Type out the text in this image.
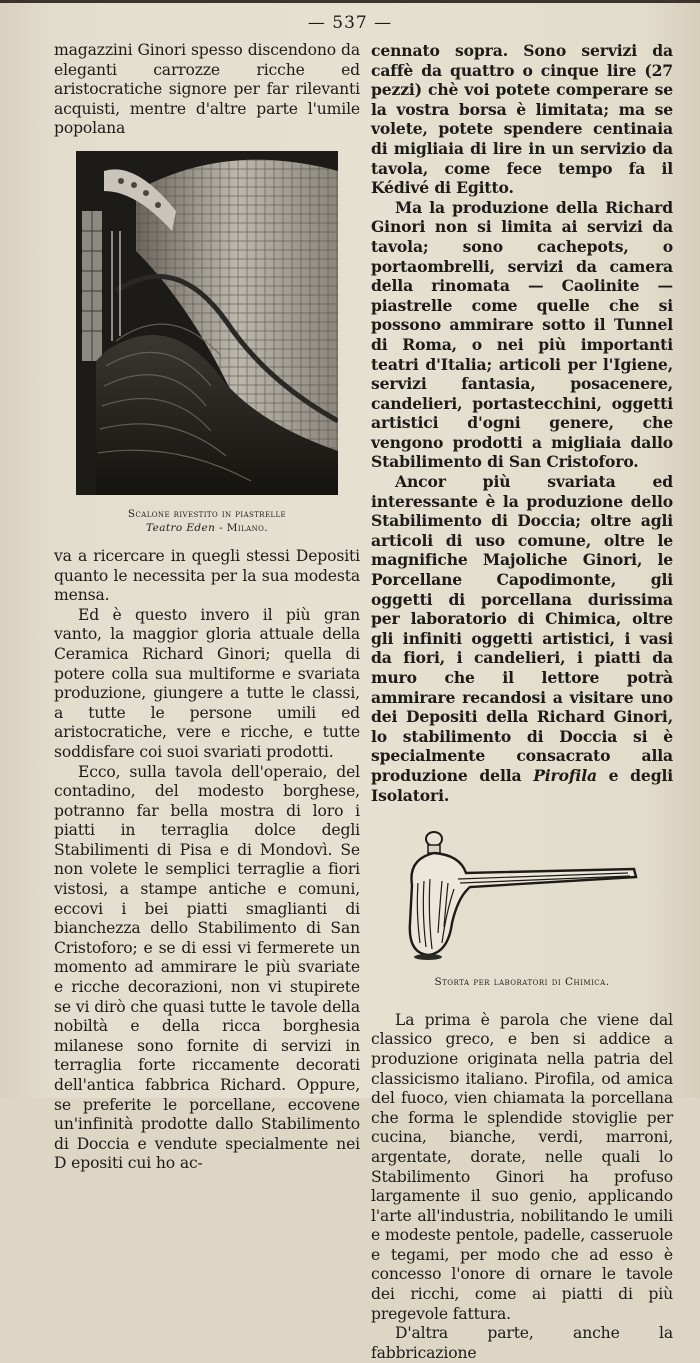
— 537 —

magazzini Ginori spesso discendono da eleganti carrozze ricche ed aristocratiche signore per far rilevanti acquisti, mentre d'altre parte l'umile popolana

Scalone rivestito in piastrelle
Teatro Eden - Milano.

va a ricercare in quegli stessi Depositi quanto le necessita per la sua modesta mensa.

Ed è questo invero il più gran vanto, la maggior gloria attuale della Ceramica Richard Ginori; quella di potere colla sua multiforme e svariata produzione, giungere a tutte le classi, a tutte le persone umili ed aristocratiche, vere e ricche, e tutte soddisfare coi suoi svariati prodotti.

Ecco, sulla tavola dell'operaio, del contadino, del modesto borghese, potranno far bella mostra di loro i piatti in terraglia dolce degli Stabilimenti di Pisa e di Mondovì. Se non volete le semplici terraglie a fiori vistosi, a stampe antiche e comuni, eccovi i bei piatti smaglianti di bianchezza dello Stabilimento di San Cristoforo; e se di essi vi fermerete un momento ad ammirare le più svariate e ricche decorazioni, non vi stupirete se vi dirò che quasi tutte le tavole della nobiltà e della ricca borghesia milanese sono fornite di servizi in terraglia forte riccamente decorati dell'antica fabbrica Richard. Oppure, se preferite le porcellane, eccovene un'infinità prodotte dallo Stabilimento di Doccia e vendute specialmente nei D epositi cui ho ac-

cennato sopra. Sono servizi da caffè da quattro o cinque lire (27 pezzi) chè voi potete comperare se la vostra borsa è limitata; ma se volete, potete spendere centinaia di migliaia di lire in un servizio da tavola, come fece tempo fa il Kédivé di Egitto.

Ma la produzione della Richard Ginori non si limita ai servizi da tavola; sono cachepots, o portaombrelli, servizi da camera della rinomata — Caolinite — piastrelle come quelle che si possono ammirare sotto il Tunnel di Roma, o nei più importanti teatri d'Italia; articoli per l'Igiene, servizi fantasia, posacenere, candelieri, portastecchini, oggetti artistici d'ogni genere, che vengono prodotti a migliaia dallo Stabilimento di San Cristoforo.

Ancor più svariata ed interessante è la produzione dello Stabilimento di Doccia; oltre agli articoli di uso comune, oltre le magnifiche Majoliche Ginori, le Porcellane Capodimonte, gli oggetti di porcellana durissima per laboratorio di Chimica, oltre gli infiniti oggetti artistici, i vasi da fiori, i candelieri, i piatti da muro che il lettore potrà ammirare recandosi a visitare uno dei Depositi della Richard Ginori, lo stabilimento di Doccia si è specialmente consacrato alla produzione della Pirofila e degli Isolatori.

Storta per laboratori di Chimica.

La prima è parola che viene dal classico greco, e ben si addice a produzione originata nella patria del classicismo italiano. Pirofila, od amica del fuoco, vien chiamata la porcellana che forma le splendide stoviglie per cucina, bianche, verdi, marroni, argentate, dorate, nelle quali lo Stabilimento Ginori ha profuso largamente il suo genio, applicando l'arte all'industria, nobilitando le umili e modeste pentole, padelle, casseruole e tegami, per modo che ad esso è concesso l'onore di ornare le tavole dei ricchi, come ai piatti di più pregevole fattura.

D'altra parte, anche la fabbricazione
